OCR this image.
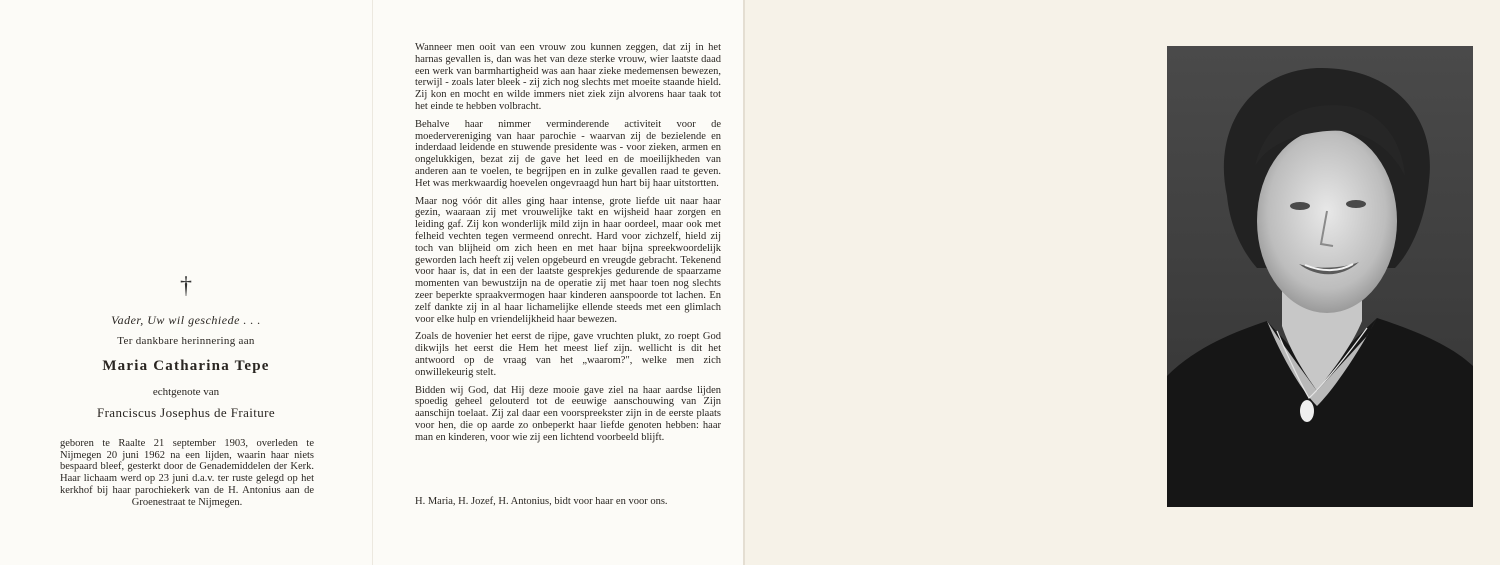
†
Vader, Uw wil geschiede . . .
Ter dankbare herinnering aan
Maria Catharina Tepe
echtgenote van
Franciscus Josephus de Fraiture
geboren te Raalte 21 september 1903, overleden te Nijmegen 20 juni 1962 na een lijden, waarin haar niets bespaard bleef, gesterkt door de Genademiddelen der Kerk. Haar lichaam werd op 23 juni d.a.v. ter ruste gelegd op het kerkhof bij haar parochiekerk van de H. Antonius aan de Groenestraat te Nijmegen.

Wanneer men ooit van een vrouw zou kunnen zeggen, dat zij in het harnas gevallen is, dan was het van deze sterke vrouw, wier laatste daad een werk van barmhartigheid was aan haar zieke medemensen bewezen, terwijl - zoals later bleek - zij zich nog slechts met moeite staande hield. Zij kon en mocht en wilde immers niet ziek zijn alvorens haar taak tot het einde te hebben volbracht.

Behalve haar nimmer verminderende activiteit voor de moedervereniging van haar parochie - waarvan zij de bezielende en inderdaad leidende en stuwende presidente was - voor zieken, armen en ongelukkigen, bezat zij de gave het leed en de moeilijkheden van anderen aan te voelen, te begrijpen en in zulke gevallen raad te geven. Het was merkwaardig hoevelen ongevraagd hun hart bij haar uitstortten.

Maar nog vóór dit alles ging haar intense, grote liefde uit naar haar gezin, waaraan zij met vrouwelijke takt en wijsheid haar zorgen en leiding gaf. Zij kon wonderlijk mild zijn in haar oordeel, maar ook met felheid vechten tegen vermeend onrecht. Hard voor zichzelf, hield zij toch van blijheid om zich heen en met haar bijna spreekwoordelijk geworden lach heeft zij velen opgebeurd en vreugde gebracht. Tekenend voor haar is, dat in een der laatste gesprekjes gedurende de spaarzame momenten van bewustzijn na de operatie zij met haar toen nog slechts zeer beperkte spraakvermogen haar kinderen aanspoorde tot lachen. En zelf dankte zij in al haar lichamelijke ellende steeds met een glimlach voor elke hulp en vriendelijkheid haar bewezen.

Zoals de hovenier het eerst de rijpe, gave vruchten plukt, zo roept God dikwijls het eerst die Hem het meest lief zijn. wellicht is dit het antwoord op de vraag van het „waarom?", welke men zich onwillekeurig stelt.

Bidden wij God, dat Hij deze mooie gave ziel na haar aardse lijden spoedig geheel gelouterd tot de eeuwige aanschouwing van Zijn aanschijn toelaat. Zij zal daar een voorspreekster zijn in de eerste plaats voor hen, die op aarde zo onbeperkt haar liefde genoten hebben: haar man en kinderen, voor wie zij een lichtend voorbeeld blijft.

H. Maria, H. Jozef, H. Antonius, bidt voor haar en voor ons.
